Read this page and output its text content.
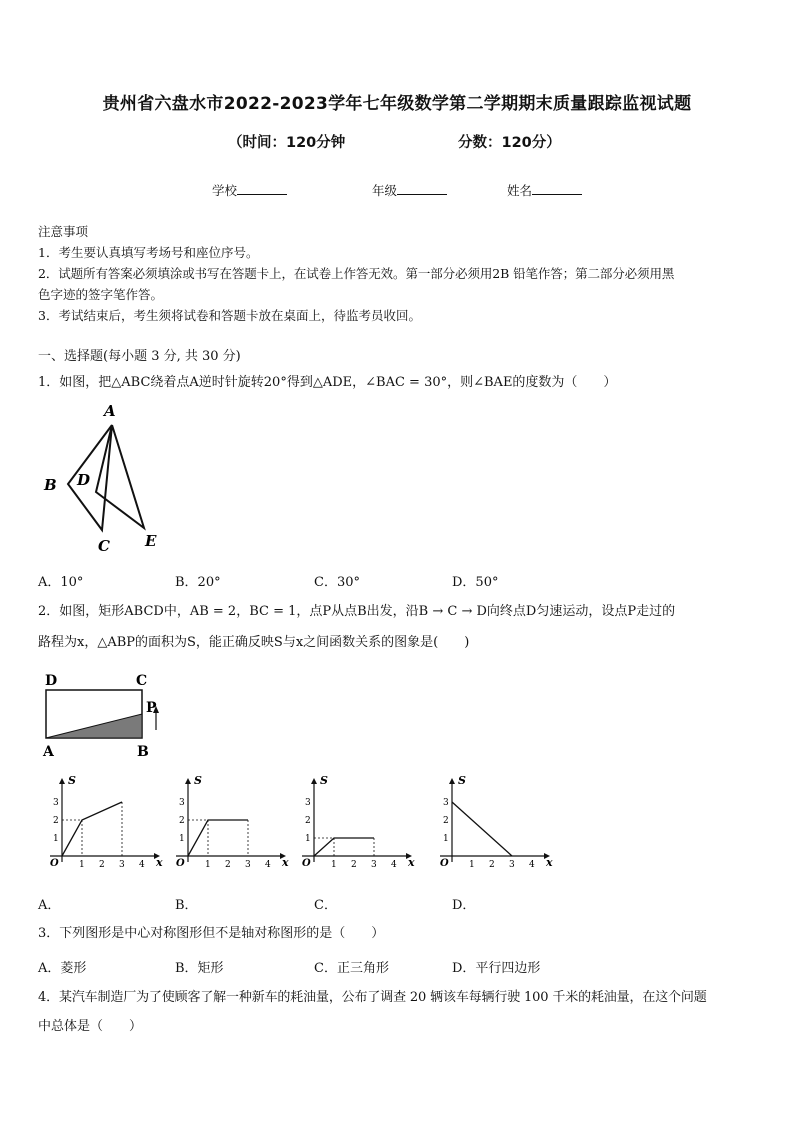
贵州省六盘水市2022-2023学年七年级数学第二学期期末质量跟踪监视试题
（时间：120分钟	分数：120分）
学校	年级	姓名
注意事项
1．考生要认真填写考场号和座位序号。
2．试题所有答案必须填涂或书写在答题卡上，在试卷上作答无效。第一部分必须用2B 铅笔作答；第二部分必须用黑
色字迹的签字笔作答。
3．考试结束后，考生须将试卷和答题卡放在桌面上，待监考员收回。
一、选择题(每小题 3 分, 共 30 分)
1．如图，把△ABC绕着点A逆时针旋转20°得到△ADE，∠BAC = 30°，则∠BAE的度数为（　　）
A
B D
C E
A．10°	B．20°	C．30°	D．50°
2．如图，矩形ABCD中，AB = 2，BC = 1，点P从点B出发，沿B → C → D向终点D匀速运动，设点P走过的
路程为x，△ABP的面积为S，能正确反映S与x之间函数关系的图象是(　　)
D	C
P
A	B
S
x
O 1 2 3 4
1
2
3
S
x
O 1 2 3 4
1
2
3
S
x
O 1 2 3 4
1
2
3
S
x
O 1 2 3 4
1
2
3
A．	B．	C．	D．
3．下列图形是中心对称图形但不是轴对称图形的是（　　）
A．菱形	B．矩形	C．正三角形	D．平行四边形
4．某汽车制造厂为了使顾客了解一种新车的耗油量，公布了调查 20 辆该车每辆行驶 100 千米的耗油量，在这个问题
中总体是（　　）
